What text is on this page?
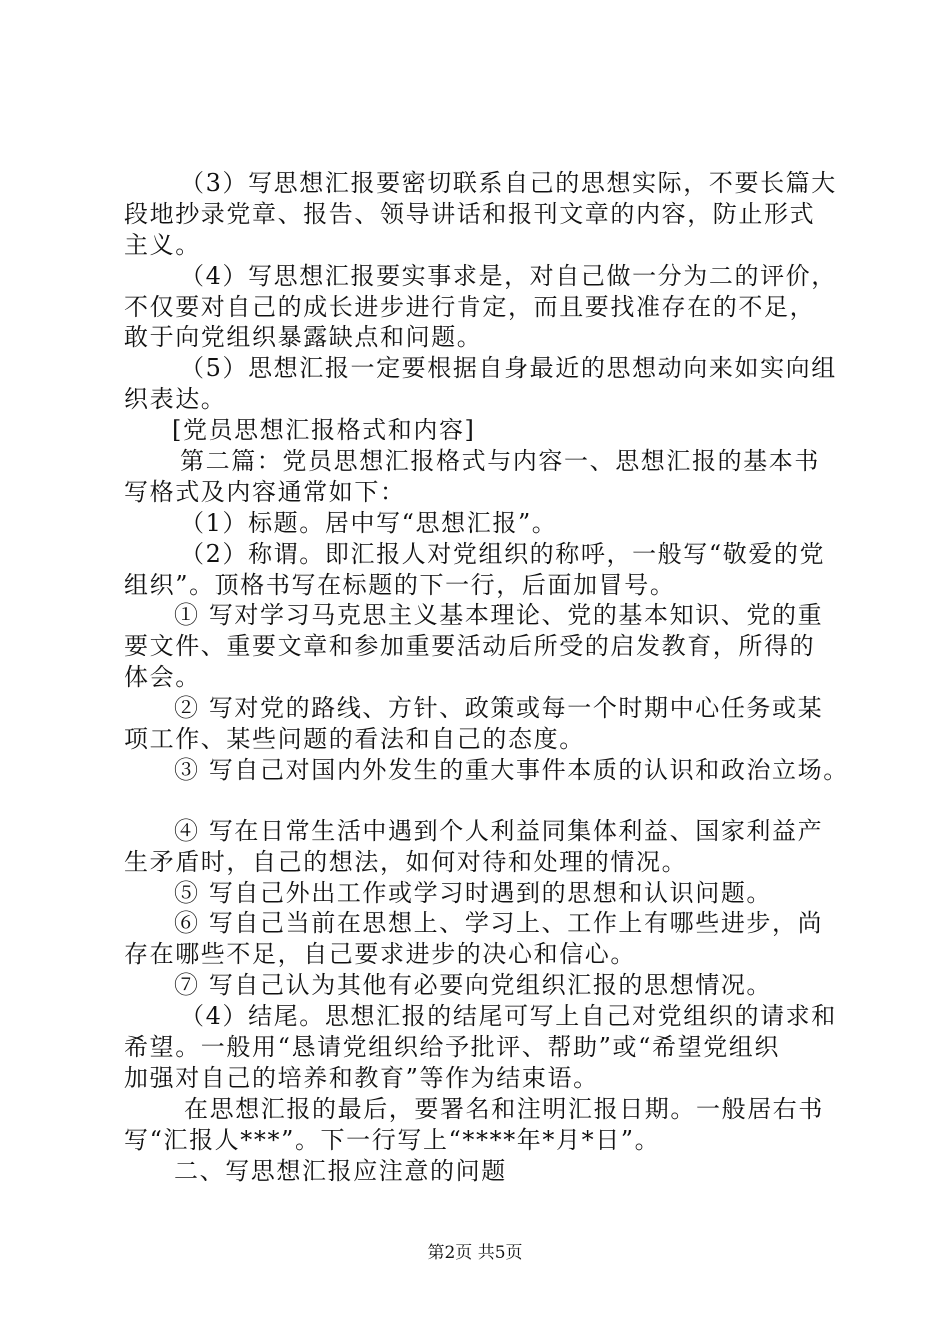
（3）写思想汇报要密切联系自己的思想实际，不要长篇大
段地抄录党章、报告、领导讲话和报刊文章的内容，防止形式
主义。
（4）写思想汇报要实事求是，对自己做一分为二的评价，
不仅要对自己的成长进步进行肯定，而且要找准存在的不足，
敢于向党组织暴露缺点和问题。
（5）思想汇报一定要根据自身最近的思想动向来如实向组
织表达。
[党员思想汇报格式和内容]
第二篇：党员思想汇报格式与内容一、思想汇报的基本书
写格式及内容通常如下：
（1）标题。居中写“思想汇报”。
（2）称谓。即汇报人对党组织的称呼，一般写“敬爱的党
组织”。顶格书写在标题的下一行，后面加冒号。
① 写对学习马克思主义基本理论、党的基本知识、党的重
要文件、重要文章和参加重要活动后所受的启发教育，所得的
体会。
② 写对党的路线、方针、政策或每一个时期中心任务或某
项工作、某些问题的看法和自己的态度。
③ 写自己对国内外发生的重大事件本质的认识和政治立场。
④ 写在日常生活中遇到个人利益同集体利益、国家利益产
生矛盾时，自己的想法，如何对待和处理的情况。
⑤ 写自己外出工作或学习时遇到的思想和认识问题。
⑥ 写自己当前在思想上、学习上、工作上有哪些进步，尚
存在哪些不足，自己要求进步的决心和信心。
⑦ 写自己认为其他有必要向党组织汇报的思想情况。
（4）结尾。思想汇报的结尾可写上自己对党组织的请求和
希望。一般用“恳请党组织给予批评、帮助”或“希望党组织
加强对自己的培养和教育”等作为结束语。
在思想汇报的最后，要署名和注明汇报日期。一般居右书
写“汇报人***”。下一行写上“****年*月*日”。
二、写思想汇报应注意的问题
第2页 共5页
